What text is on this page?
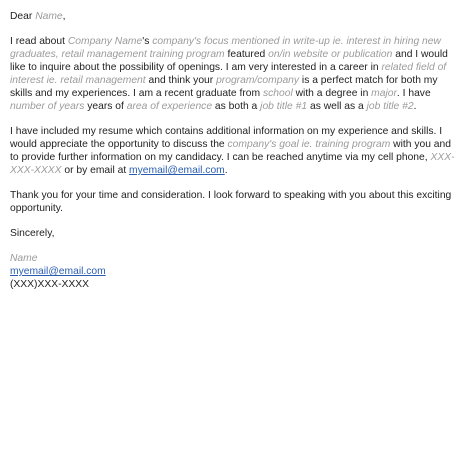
Dear Name,

I read about Company Name's company's focus mentioned in write-up ie. interest in hiring new graduates, retail management training program featured on/in website or publication and I would like to inquire about the possibility of openings. I am very interested in a career in related field of interest ie. retail management and think your program/company is a perfect match for both my skills and my experiences. I am a recent graduate from school with a degree in major. I have number of years years of area of experience as both a job title #1 as well as a job title #2.

I have included my resume which contains additional information on my experience and skills. I would appreciate the opportunity to discuss the company's goal ie. training program with you and to provide further information on my candidacy. I can be reached anytime via my cell phone, XXX-XXX-XXXX or by email at myemail@email.com.

Thank you for your time and consideration. I look forward to speaking with you about this exciting opportunity.

Sincerely,

Name
myemail@email.com
(XXX)XXX-XXXX
